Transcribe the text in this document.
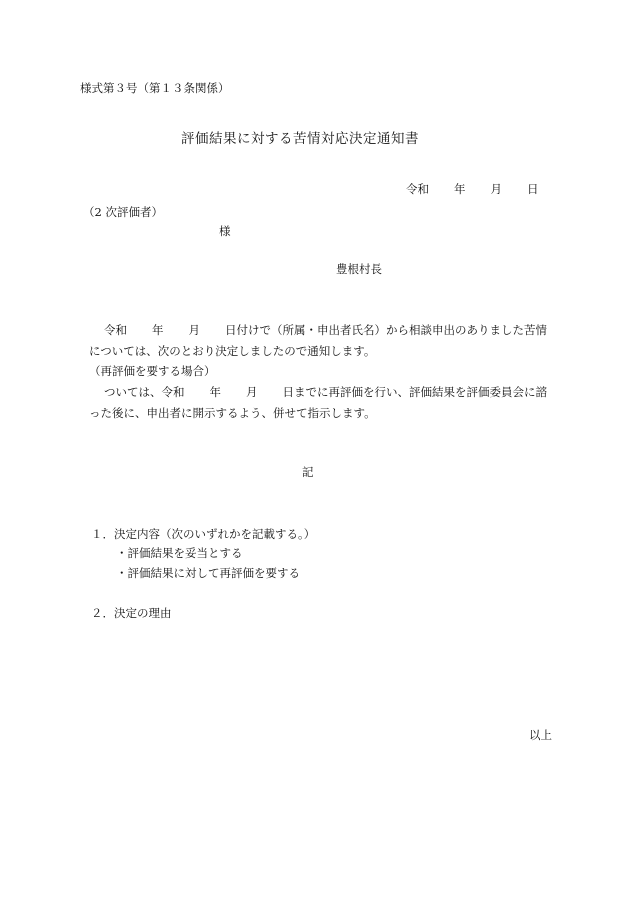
様式第３号（第１３条関係）
評価結果に対する苦情対応決定通知書
令和 年 月 日
（2 次評価者）
様
豊根村長
令和 年 月 日付けで（所属・申出者氏名）から相談申出のありました苦情
については、次のとおり決定しましたので通知します。
（再評価を要する場合）
ついては、令和 年 月 日までに再評価を行い、評価結果を評価委員会に諮
った後に、申出者に開示するよう、併せて指示します。
記
１．決定内容（次のいずれかを記載する。）
・評価結果を妥当とする
・評価結果に対して再評価を要する
２．決定の理由
以上
